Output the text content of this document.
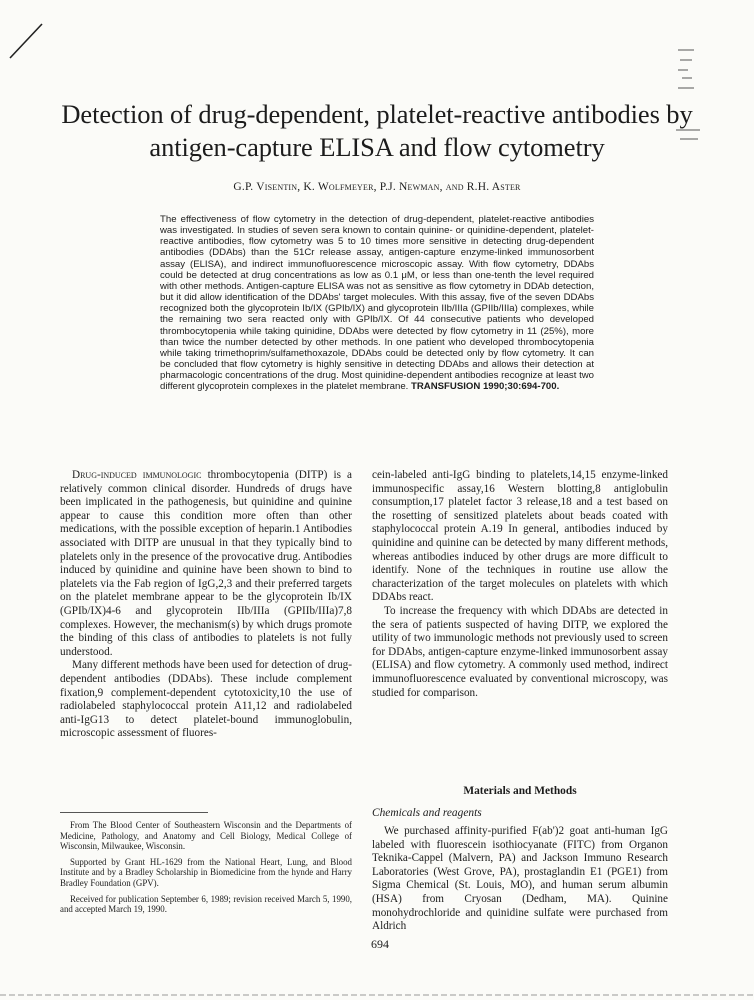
Detection of drug-dependent, platelet-reactive antibodies by
antigen-capture ELISA and flow cytometry
G.P. Visentin, K. Wolfmeyer, P.J. Newman, and R.H. Aster

The effectiveness of flow cytometry in the detection of drug-dependent, platelet-reactive antibodies was investigated. In studies of seven sera known to contain quinine- or quinidine-dependent, platelet-reactive antibodies, flow cytometry was 5 to 10 times more sensitive in detecting drug-dependent antibodies (DDAbs) than the 51Cr release assay, antigen-capture enzyme-linked immunosorbent assay (ELISA), and indirect immunofluorescence microscopic assay. With flow cytometry, DDAbs could be detected at drug concentrations as low as 0.1 μM, or less than one-tenth the level required with other methods. Antigen-capture ELISA was not as sensitive as flow cytometry in DDAb detection, but it did allow identification of the DDAbs' target molecules. With this assay, five of the seven DDAbs recognized both the glycoprotein Ib/IX (GPIb/IX) and glycoprotein IIb/IIIa (GPIIb/IIIa) complexes, while the remaining two sera reacted only with GPIb/IX. Of 44 consecutive patients who developed thrombocytopenia while taking quinidine, DDAbs were detected by flow cytometry in 11 (25%), more than twice the number detected by other methods. In one patient who developed thrombocytopenia while taking trimethoprim/sulfamethoxazole, DDAbs could be detected only by flow cytometry. It can be concluded that flow cytometry is highly sensitive in detecting DDAbs and allows their detection at pharmacologic concentrations of the drug. Most quinidine-dependent antibodies recognize at least two different glycoprotein complexes in the platelet membrane. TRANSFUSION 1990;30:694-700.

Drug-induced immunologic thrombocytopenia (DITP) is a relatively common clinical disorder. Hundreds of drugs have been implicated in the pathogenesis, but quinidine and quinine appear to cause this condition more often than other medications, with the possible exception of heparin.1 Antibodies associated with DITP are unusual in that they typically bind to platelets only in the presence of the provocative drug. Antibodies induced by quinidine and quinine have been shown to bind to platelets via the Fab region of IgG,2,3 and their preferred targets on the platelet membrane appear to be the glycoprotein Ib/IX (GPIb/IX)4-6 and glycoprotein IIb/IIIa (GPIIb/IIIa)7,8 complexes. However, the mechanism(s) by which drugs promote the binding of this class of antibodies to platelets is not fully understood.

Many different methods have been used for detection of drug-dependent antibodies (DDAbs). These include complement fixation,9 complement-dependent cytotoxicity,10 the use of radiolabeled staphylococcal protein A11,12 and radiolabeled anti-IgG13 to detect platelet-bound immunoglobulin, microscopic assessment of fluores-

cein-labeled anti-IgG binding to platelets,14,15 enzyme-linked immunospecific assay,16 Western blotting,8 antiglobulin consumption,17 platelet factor 3 release,18 and a test based on the rosetting of sensitized platelets about beads coated with staphylococcal protein A.19 In general, antibodies induced by quinidine and quinine can be detected by many different methods, whereas antibodies induced by other drugs are more difficult to identify. None of the techniques in routine use allow the characterization of the target molecules on platelets with which DDAbs react.

To increase the frequency with which DDAbs are detected in the sera of patients suspected of having DITP, we explored the utility of two immunologic methods not previously used to screen for DDAbs, antigen-capture enzyme-linked immunosorbent assay (ELISA) and flow cytometry. A commonly used method, indirect immunofluorescence evaluated by conventional microscopy, was studied for comparison.

Materials and Methods
Chemicals and reagents

We purchased affinity-purified F(ab')2 goat anti-human IgG labeled with fluorescein isothiocyanate (FITC) from Organon Teknika-Cappel (Malvern, PA) and Jackson Immuno Research Laboratories (West Grove, PA), prostaglandin E1 (PGE1) from Sigma Chemical (St. Louis, MO), and human serum albumin (HSA) from Cryosan (Dedham, MA). Quinine monohydrochloride and quinidine sulfate were purchased from Aldrich

From The Blood Center of Southeastern Wisconsin and the Departments of Medicine, Pathology, and Anatomy and Cell Biology, Medical College of Wisconsin, Milwaukee, Wisconsin.

Supported by Grant HL-1629 from the National Heart, Lung, and Blood Institute and by a Bradley Scholarship in Biomedicine from the hynde and Harry Bradley Foundation (GPV).

Received for publication September 6, 1989; revision received March 5, 1990, and accepted March 19, 1990.

694
